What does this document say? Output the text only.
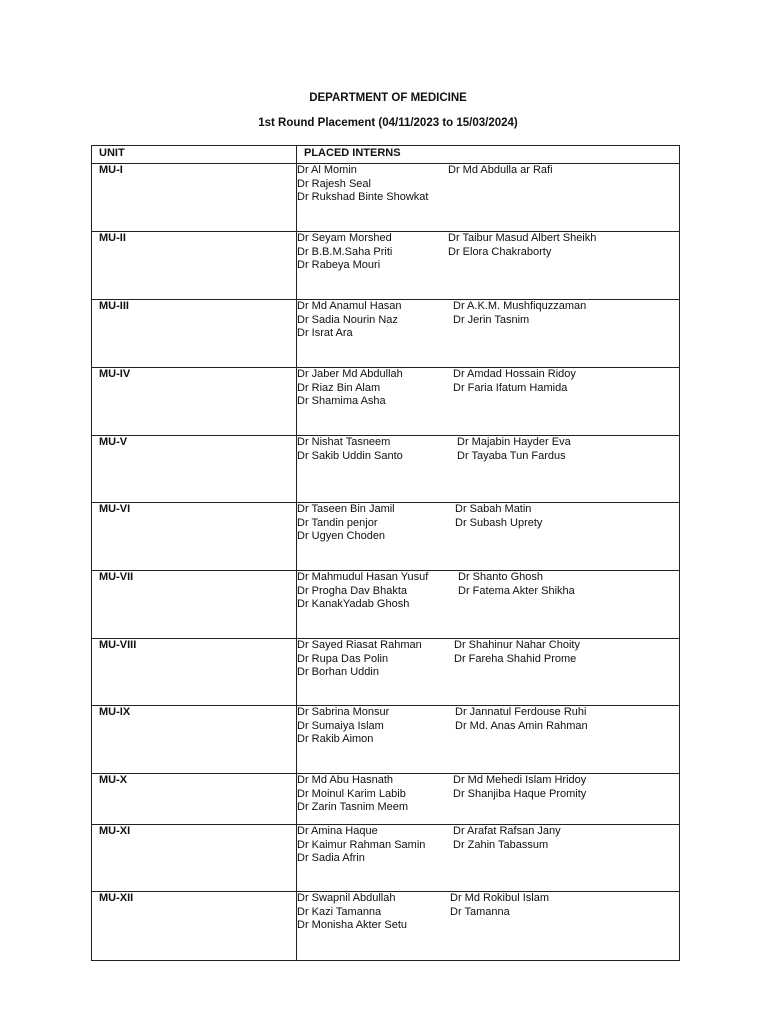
DEPARTMENT OF MEDICINE
1st Round Placement (04/11/2023 to 15/03/2024)
UNIT	PLACED INTERNS
MU-I	Dr Al Momin
Dr Rajesh Seal
Dr Rukshad Binte Showkat
Dr Md Abdulla ar Rafi

MU-II	Dr Seyam Morshed
Dr B.B.M.Saha Priti
Dr Rabeya Mouri
Dr Taibur Masud Albert Sheikh
Dr Elora Chakraborty

MU-III	Dr Md Anamul Hasan
Dr Sadia Nourin Naz
Dr Israt Ara
Dr A.K.M. Mushfiquzzaman
Dr Jerin Tasnim

MU-IV	Dr Jaber Md Abdullah
Dr Riaz Bin Alam
Dr Shamima Asha
Dr Amdad Hossain Ridoy
Dr Faria Ifatum Hamida

MU-V	Dr Nishat Tasneem
Dr Sakib Uddin Santo
Dr Majabin Hayder Eva
Dr Tayaba Tun Fardus

MU-VI	Dr Taseen Bin Jamil
Dr Tandin penjor
Dr Ugyen Choden
Dr Sabah Matin
Dr Subash Uprety

MU-VII	Dr Mahmudul Hasan Yusuf
Dr Progha Dav Bhakta
Dr KanakYadab Ghosh
Dr Shanto Ghosh
Dr Fatema Akter Shikha

MU-VIII	Dr Sayed Riasat Rahman
Dr Rupa Das Polin
Dr Borhan Uddin
Dr Shahinur Nahar Choity
Dr Fareha Shahid Prome

MU-IX	Dr Sabrina Monsur
Dr Sumaiya Islam
Dr Rakib Aimon
Dr Jannatul Ferdouse Ruhi
Dr Md. Anas Amin Rahman

MU-X	Dr Md Abu Hasnath
Dr Moinul Karim Labib
Dr Zarin Tasnim Meem
Dr Md Mehedi Islam Hridoy
Dr Shanjiba Haque Promity

MU-XI	Dr Amina Haque
Dr Kaimur Rahman Samin
Dr Sadia Afrin
Dr Arafat Rafsan Jany
Dr Zahin Tabassum

MU-XII	Dr Swapnil Abdullah
Dr Kazi Tamanna
Dr Monisha Akter Setu
Dr Md Rokibul Islam
Dr Tamanna
